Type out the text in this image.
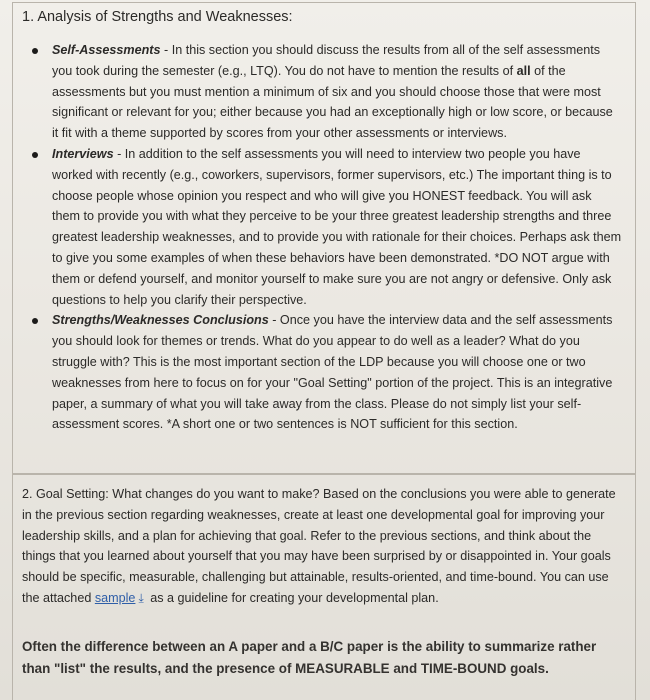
1. Analysis of Strengths and Weaknesses:
Self-Assessments - In this section you should discuss the results from all of the self assessments you took during the semester (e.g., LTQ). You do not have to mention the results of all of the assessments but you must mention a minimum of six and you should choose those that were most significant or relevant for you; either because you had an exceptionally high or low score, or because it fit with a theme supported by scores from your other assessments or interviews.
Interviews - In addition to the self assessments you will need to interview two people you have worked with recently (e.g., coworkers, supervisors, former supervisors, etc.) The important thing is to choose people whose opinion you respect and who will give you HONEST feedback. You will ask them to provide you with what they perceive to be your three greatest leadership strengths and three greatest leadership weaknesses, and to provide you with rationale for their choices. Perhaps ask them to give you some examples of when these behaviors have been demonstrated. *DO NOT argue with them or defend yourself, and monitor yourself to make sure you are not angry or defensive. Only ask questions to help you clarify their perspective.
Strengths/Weaknesses Conclusions - Once you have the interview data and the self assessments you should look for themes or trends. What do you appear to do well as a leader? What do you struggle with? This is the most important section of the LDP because you will choose one or two weaknesses from here to focus on for your "Goal Setting" portion of the project. This is an integrative paper, a summary of what you will take away from the class. Please do not simply list your self-assessment scores. *A short one or two sentences is NOT sufficient for this section.
2. Goal Setting: What changes do you want to make? Based on the conclusions you were able to generate in the previous section regarding weaknesses, create at least one developmental goal for improving your leadership skills, and a plan for achieving that goal. Refer to the previous sections, and think about the things that you learned about yourself that you may have been surprised by or disappointed in. Your goals should be specific, measurable, challenging but attainable, results-oriented, and time-bound. You can use the attached sample ⤓ as a guideline for creating your developmental plan.
Often the difference between an A paper and a B/C paper is the ability to summarize rather than "list" the results, and the presence of MEASURABLE and TIME-BOUND goals.
